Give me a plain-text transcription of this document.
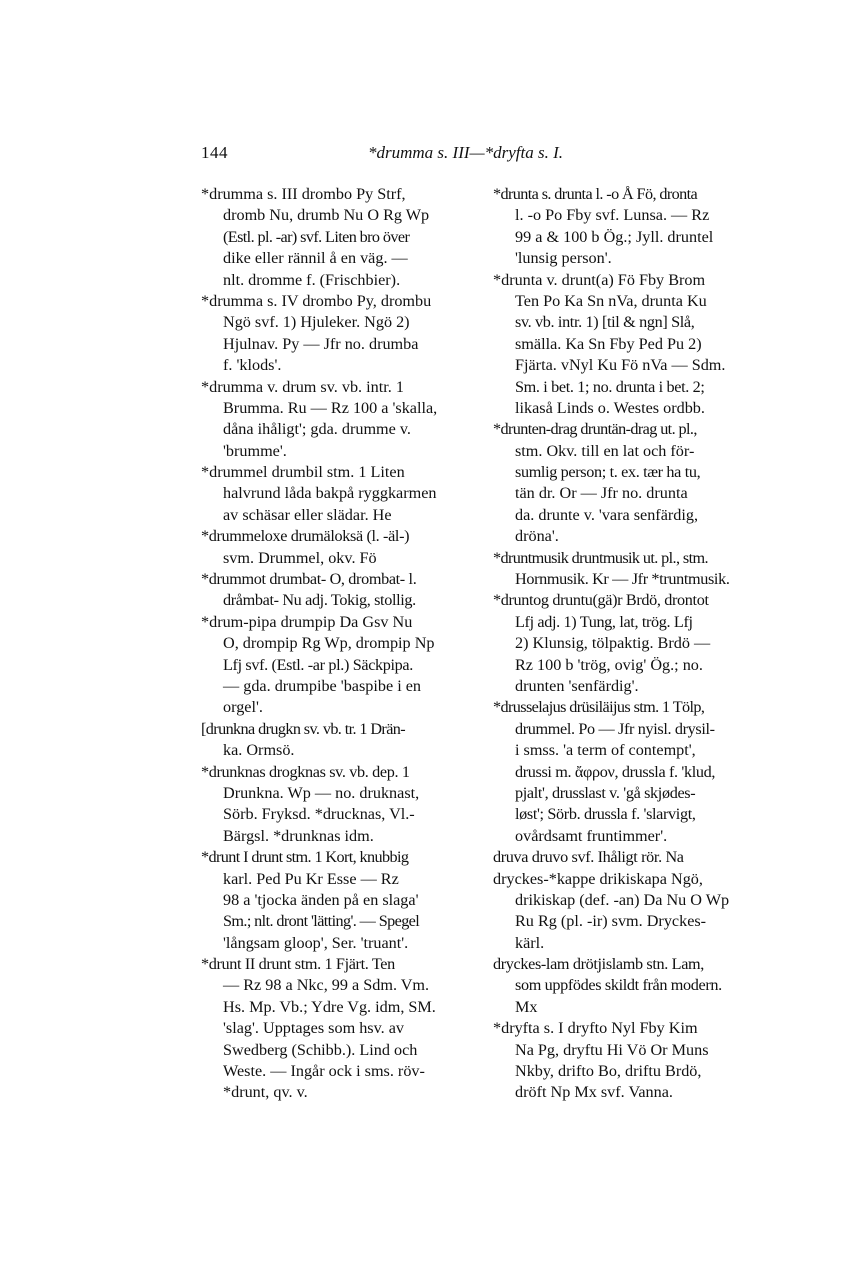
144	*drumma s. III—*dryfta s. I.
*drumma s. III drombo Py Strf,
dromb Nu, drumb Nu O Rg Wp
(Estl. pl. -ar) svf. Liten bro över
dike eller rännil å en väg. —
nlt. dromme f. (Frischbier).
*drumma s. IV drombo Py, drombu
Ngö svf. 1) Hjuleker. Ngö 2)
Hjulnav. Py — Jfr no. drumba
f. 'klods'.
*drumma v. drum sv. vb. intr. 1
Brumma. Ru — Rz 100 a 'skalla,
dåna ihåligt'; gda. drumme v.
'brumme'.
*drummel drumbil stm. 1 Liten
halvrund låda bakpå ryggkarmen
av schäsar eller slädar. He
*drummeloxe drumäloksä (l. -äl-)
svm. Drummel, okv. Fö
*drummot drumbat- O, drombat- l.
dråmbat- Nu adj. Tokig, stollig.
*drum-pipa drumpip Da Gsv Nu
O, drompip Rg Wp, drompip Np
Lfj svf. (Estl. -ar pl.) Säckpipa.
— gda. drumpibe 'baspibe i en
orgel'.
[drunkna drugkn sv. vb. tr. 1 Drän-
ka. Ormsö.
*drunknas drogknas sv. vb. dep. 1
Drunkna. Wp — no. druknast,
Sörb. Fryksd. *drucknas, Vl.-
Bärgsl. *drunknas idm.
*drunt I drunt stm. 1 Kort, knubbig
karl. Ped Pu Kr Esse — Rz
98 a 'tjocka änden på en slaga'
Sm.; nlt. dront 'lätting'. — Spegel
'långsam gloop', Ser. 'truant'.
*drunt II drunt stm. 1 Fjärt. Ten
— Rz 98 a Nkc, 99 a Sdm. Vm.
Hs. Mp. Vb.; Ydre Vg. idm, SM.
'slag'. Upptages som hsv. av
Swedberg (Schibb.). Lind och
Weste. — Ingår ock i sms. röv-
*drunt, qv. v.
*drunta s. drunta l. -o Å Fö, dronta
l. -o Po Fby svf. Lunsa. — Rz
99 a & 100 b Ög.; Jyll. druntel
'lunsig person'.
*drunta v. drunt(a) Fö Fby Brom
Ten Po Ka Sn nVa, drunta Ku
sv. vb. intr. 1) [til & ngn] Slå,
smälla. Ka Sn Fby Ped Pu 2)
Fjärta. vNyl Ku Fö nVa — Sdm.
Sm. i bet. 1; no. drunta i bet. 2;
likaså Linds o. Westes ordbb.
*drunten-drag druntän-drag ut. pl.,
stm. Okv. till en lat och för-
sumlig person; t. ex. tær ha tu,
tän dr. Or — Jfr no. drunta
da. drunte v. 'vara senfärdig,
dröna'.
*druntmusik druntmusik ut. pl., stm.
Hornmusik. Kr — Jfr *truntmusik.
*druntog druntu(gä)r Brdö, drontot
Lfj adj. 1) Tung, lat, trög. Lfj
2) Klunsig, tölpaktig. Brdö —
Rz 100 b 'trög, ovig' Ög.; no.
drunten 'senfärdig'.
*drusselajus drüsiläijus stm. 1 Tölp,
drummel. Po — Jfr nyisl. drysil-
i smss. 'a term of contempt',
drussi m. ἄφρον, drussla f. 'klud,
pjalt', drusslast v. 'gå skjødes-
løst'; Sörb. drussla f. 'slarvigt,
ovårdsamt fruntimmer'.
druva druvo svf. Ihåligt rör. Na
dryckes-*kappe drikiskapa Ngö,
drikiskap (def. -an) Da Nu O Wp
Ru Rg (pl. -ir) svm. Dryckes-
kärl.
dryckes-lam drötjislamb stn. Lam,
som uppfödes skildt från modern.
Mx
*dryfta s. I dryfto Nyl Fby Kim
Na Pg, dryftu Hi Vö Or Muns
Nkby, drifto Bo, driftu Brdö,
dröft Np Mx svf. Vanna.
